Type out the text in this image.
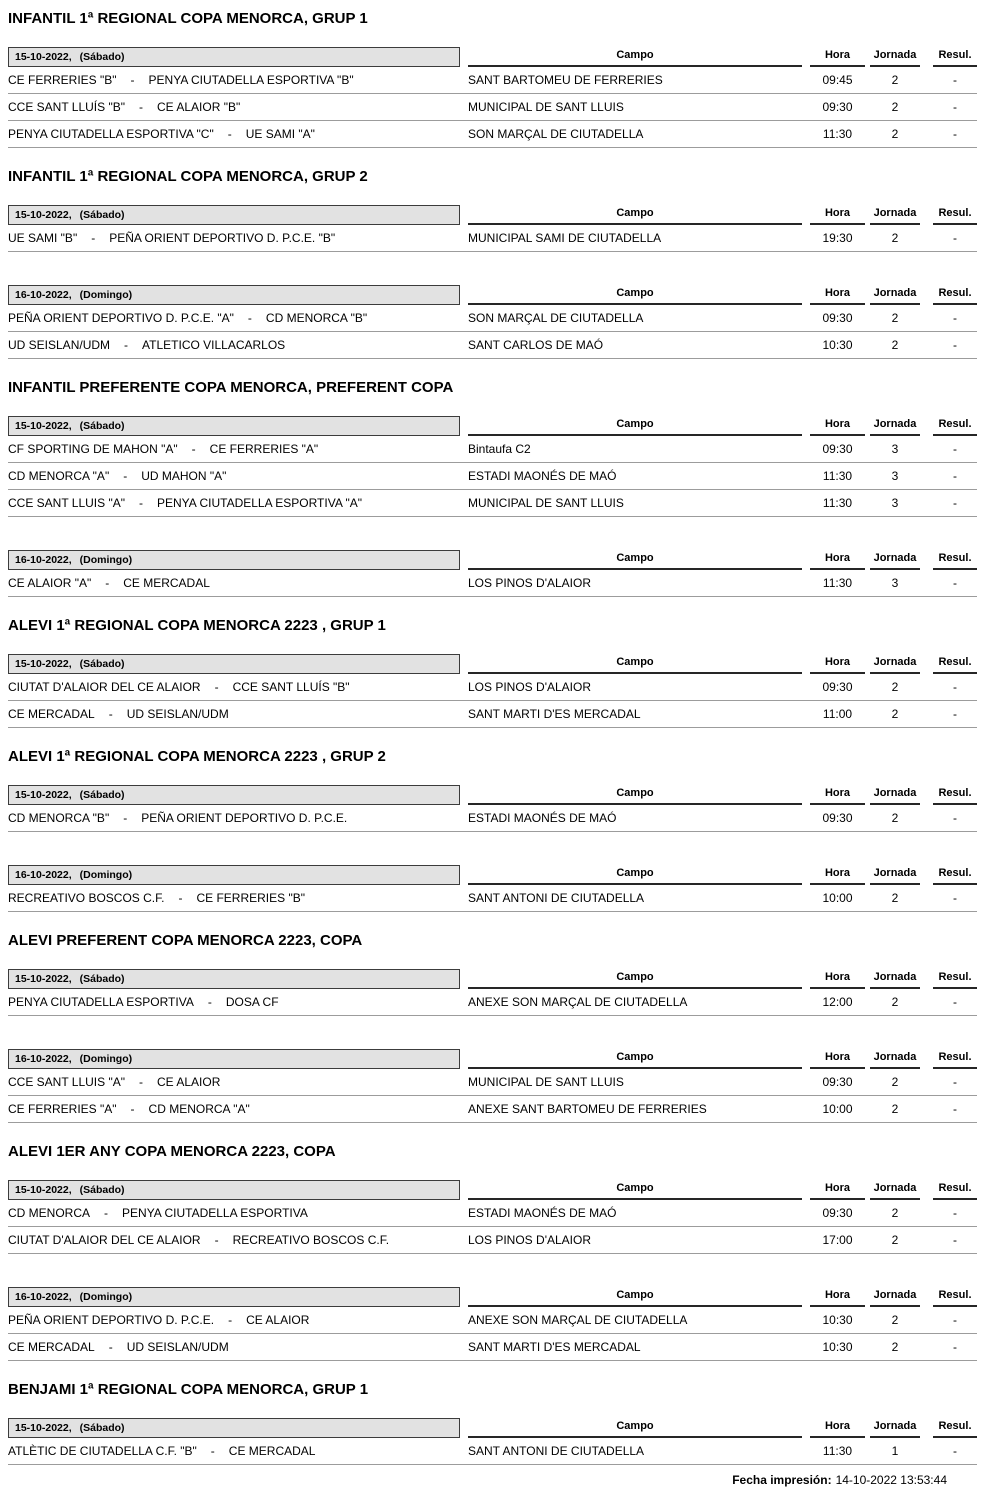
INFANTIL 1ª REGIONAL COPA MENORCA, GRUP 1
15-10-2022, (Sábado)	Campo	Hora	Jornada	Resul.
CE FERRERIES "B" - PENYA CIUTADELLA ESPORTIVA "B"	SANT BARTOMEU DE FERRERIES	09:45	2	-
CCE SANT LLUÍS "B" - CE ALAIOR "B"	MUNICIPAL DE SANT LLUIS	09:30	2	-
PENYA CIUTADELLA ESPORTIVA "C" - UE SAMI "A"	SON MARÇAL DE CIUTADELLA	11:30	2	-
INFANTIL 1ª REGIONAL COPA MENORCA, GRUP 2
15-10-2022, (Sábado)	Campo	Hora	Jornada	Resul.
UE SAMI "B" - PEÑA ORIENT DEPORTIVO D. P.C.E. "B"	MUNICIPAL SAMI DE CIUTADELLA	19:30	2	-
16-10-2022, (Domingo)	Campo	Hora	Jornada	Resul.
PEÑA ORIENT DEPORTIVO D. P.C.E. "A" - CD MENORCA "B"	SON MARÇAL DE CIUTADELLA	09:30	2	-
UD SEISLAN/UDM - ATLETICO VILLACARLOS	SANT CARLOS DE MAÓ	10:30	2	-
INFANTIL PREFERENTE COPA MENORCA, PREFERENT COPA
15-10-2022, (Sábado)	Campo	Hora	Jornada	Resul.
CF SPORTING DE MAHON "A" - CE FERRERIES "A"	Bintaufa C2	09:30	3	-
CD MENORCA "A" - UD MAHON "A"	ESTADI MAONÉS DE MAÓ	11:30	3	-
CCE SANT LLUIS "A" - PENYA CIUTADELLA ESPORTIVA "A"	MUNICIPAL DE SANT LLUIS	11:30	3	-
16-10-2022, (Domingo)	Campo	Hora	Jornada	Resul.
CE ALAIOR "A" - CE MERCADAL	LOS PINOS D'ALAIOR	11:30	3	-
ALEVI 1ª REGIONAL COPA MENORCA 2223 , GRUP 1
15-10-2022, (Sábado)	Campo	Hora	Jornada	Resul.
CIUTAT D'ALAIOR DEL CE ALAIOR - CCE SANT LLUÍS "B"	LOS PINOS D'ALAIOR	09:30	2	-
CE MERCADAL - UD SEISLAN/UDM	SANT MARTI D'ES MERCADAL	11:00	2	-
ALEVI 1ª REGIONAL COPA MENORCA 2223 , GRUP 2
15-10-2022, (Sábado)	Campo	Hora	Jornada	Resul.
CD MENORCA "B" - PEÑA ORIENT DEPORTIVO D. P.C.E.	ESTADI MAONÉS DE MAÓ	09:30	2	-
16-10-2022, (Domingo)	Campo	Hora	Jornada	Resul.
RECREATIVO BOSCOS C.F. - CE FERRERIES "B"	SANT ANTONI DE CIUTADELLA	10:00	2	-
ALEVI PREFERENT COPA MENORCA 2223, COPA
15-10-2022, (Sábado)	Campo	Hora	Jornada	Resul.
PENYA CIUTADELLA ESPORTIVA - DOSA CF	ANEXE SON MARÇAL DE CIUTADELLA	12:00	2	-
16-10-2022, (Domingo)	Campo	Hora	Jornada	Resul.
CCE SANT LLUIS "A" - CE ALAIOR	MUNICIPAL DE SANT LLUIS	09:30	2	-
CE FERRERIES "A" - CD MENORCA "A"	ANEXE SANT BARTOMEU DE FERRERIES	10:00	2	-
ALEVI 1ER ANY COPA MENORCA 2223, COPA
15-10-2022, (Sábado)	Campo	Hora	Jornada	Resul.
CD MENORCA - PENYA CIUTADELLA ESPORTIVA	ESTADI MAONÉS DE MAÓ	09:30	2	-
CIUTAT D'ALAIOR DEL CE ALAIOR - RECREATIVO BOSCOS C.F.	LOS PINOS D'ALAIOR	17:00	2	-
16-10-2022, (Domingo)	Campo	Hora	Jornada	Resul.
PEÑA ORIENT DEPORTIVO D. P.C.E. - CE ALAIOR	ANEXE SON MARÇAL DE CIUTADELLA	10:30	2	-
CE MERCADAL - UD SEISLAN/UDM	SANT MARTI D'ES MERCADAL	10:30	2	-
BENJAMI 1ª REGIONAL COPA MENORCA, GRUP 1
15-10-2022, (Sábado)	Campo	Hora	Jornada	Resul.
ATLÈTIC DE CIUTADELLA C.F. "B" - CE MERCADAL	SANT ANTONI DE CIUTADELLA	11:30	1	-
Fecha impresión: 14-10-2022 13:53:44
